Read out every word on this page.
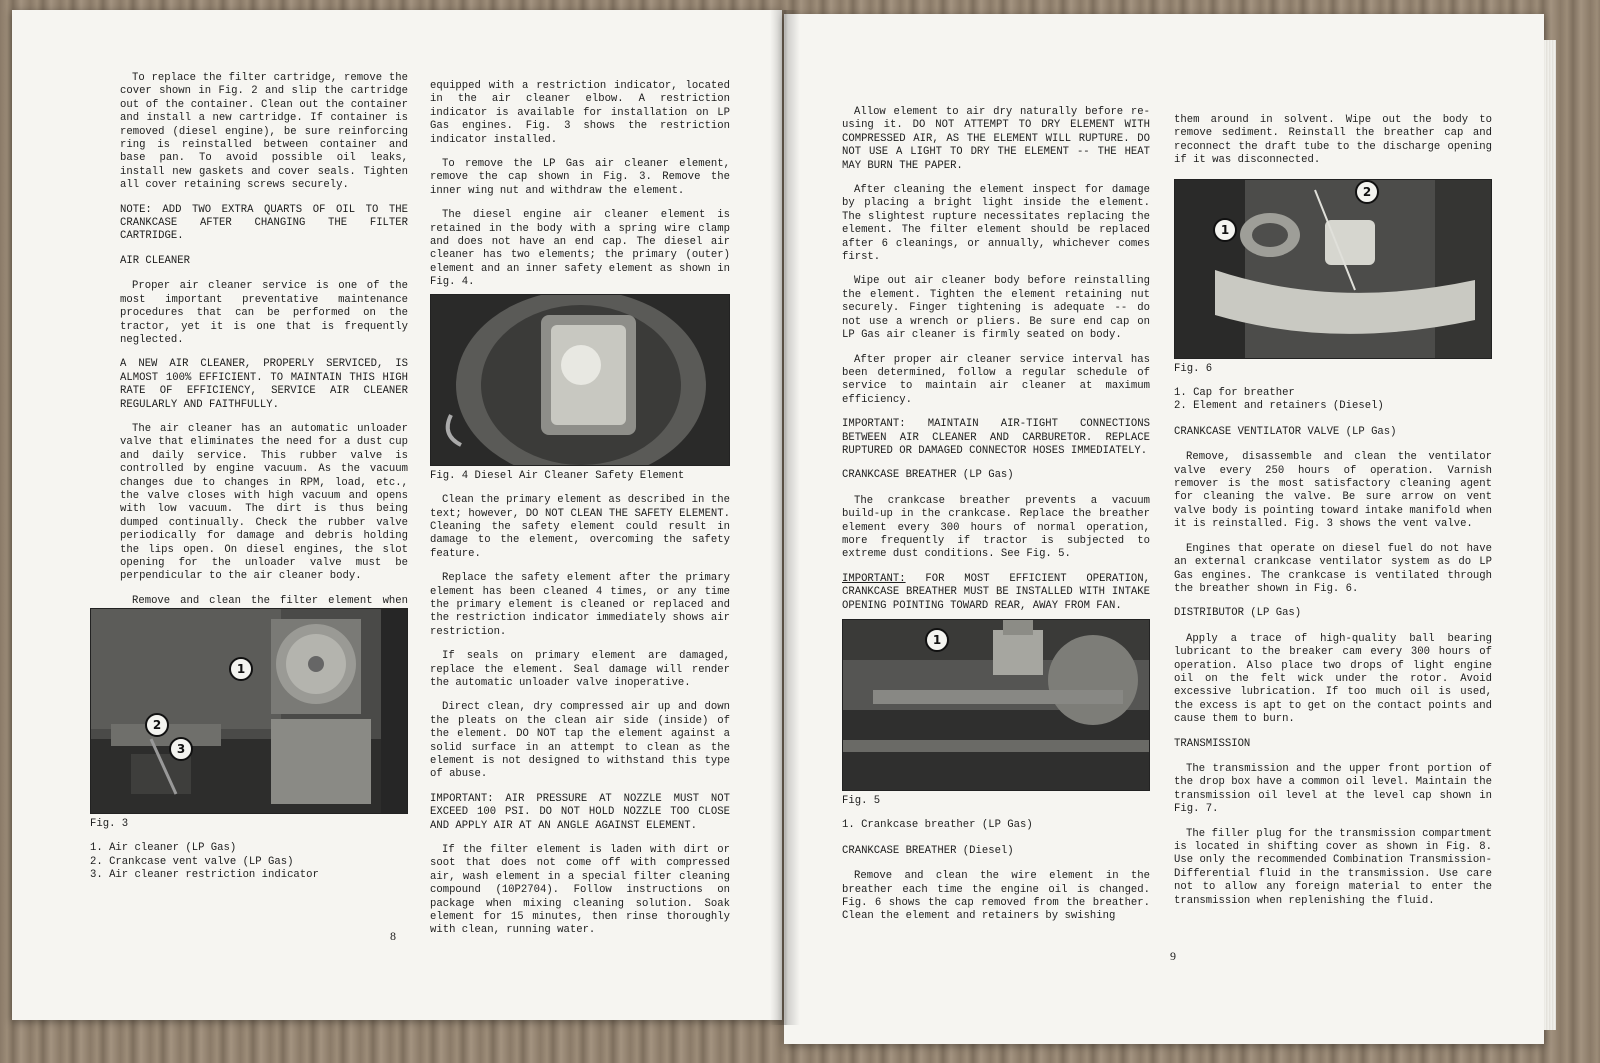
To replace the filter cartridge, remove the cover shown in Fig. 2 and slip the cartridge out of the container. Clean out the container and install a new cartridge. If container is removed (diesel engine), be sure reinforcing ring is reinstalled between container and base pan. To avoid possible oil leaks, install new gaskets and cover seals. Tighten all cover retaining screws securely.

NOTE: ADD TWO EXTRA QUARTS OF OIL TO THE CRANKCASE AFTER CHANGING THE FILTER CARTRIDGE.

AIR CLEANER

Proper air cleaner service is one of the most important preventative maintenance procedures that can be performed on the tractor, yet it is one that is frequently neglected.

A NEW AIR CLEANER, PROPERLY SERVICED, IS ALMOST 100% EFFICIENT. TO MAINTAIN THIS HIGH RATE OF EFFICIENCY, SERVICE AIR CLEANER REGULARLY AND FAITHFULLY.

The air cleaner has an automatic unloader valve that eliminates the need for a dust cup and daily service. This rubber valve is controlled by engine vacuum. As the vacuum changes due to changes in RPM, load, etc., the valve closes with high vacuum and opens with low vacuum. The dirt is thus being dumped continually. Check the rubber valve periodically for damage and debris holding the lips open. On diesel engines, the slot opening for the unloader valve must be perpendicular to the air cleaner body.

Remove and clean the filter element when

1
2
3

Fig. 3

1. Air cleaner (LP Gas)
2. Crankcase vent valve (LP Gas)
3. Air cleaner restriction indicator

equipped with a restriction indicator, located in the air cleaner elbow. A restriction indicator is available for installation on LP Gas engines. Fig. 3 shows the restriction indicator installed.

To remove the LP Gas air cleaner element, remove the cap shown in Fig. 3. Remove the inner wing nut and withdraw the element.

The diesel engine air cleaner element is retained in the body with a spring wire clamp and does not have an end cap. The diesel air cleaner has two elements; the primary (outer) element and an inner safety element as shown in Fig. 4.

Fig. 4 Diesel Air Cleaner Safety Element

Clean the primary element as described in the text; however, DO NOT CLEAN THE SAFETY ELEMENT. Cleaning the safety element could result in damage to the element, overcoming the safety feature.

Replace the safety element after the primary element has been cleaned 4 times, or any time the primary element is cleaned or replaced and the restriction indicator immediately shows air restriction.

If seals on primary element are damaged, replace the element. Seal damage will render the automatic unloader valve inoperative.

Direct clean, dry compressed air up and down the pleats on the clean air side (inside) of the element. DO NOT tap the element against a solid surface in an attempt to clean as the element is not designed to withstand this type of abuse.

IMPORTANT: AIR PRESSURE AT NOZZLE MUST NOT EXCEED 100 PSI. DO NOT HOLD NOZZLE TOO CLOSE AND APPLY AIR AT AN ANGLE AGAINST ELEMENT.

If the filter element is laden with dirt or soot that does not come off with compressed air, wash element in a special filter cleaning compound (10P2704). Follow instructions on package when mixing cleaning solution. Soak element for 15 minutes, then rinse thoroughly with clean, running water.

8

Allow element to air dry naturally before re-using it. DO NOT ATTEMPT TO DRY ELEMENT WITH COMPRESSED AIR, AS THE ELEMENT WILL RUPTURE. DO NOT USE A LIGHT TO DRY THE ELEMENT -- THE HEAT MAY BURN THE PAPER.

After cleaning the element inspect for damage by placing a bright light inside the element. The slightest rupture necessitates replacing the element. The filter element should be replaced after 6 cleanings, or annually, whichever comes first.

Wipe out air cleaner body before reinstalling the element. Tighten the element retaining nut securely. Finger tightening is adequate -- do not use a wrench or pliers. Be sure end cap on LP Gas air cleaner is firmly seated on body.

After proper air cleaner service interval has been determined, follow a regular schedule of service to maintain air cleaner at maximum efficiency.

IMPORTANT: MAINTAIN AIR-TIGHT CONNECTIONS BETWEEN AIR CLEANER AND CARBURETOR. REPLACE RUPTURED OR DAMAGED CONNECTOR HOSES IMMEDIATELY.

CRANKCASE BREATHER (LP Gas)

The crankcase breather prevents a vacuum build-up in the crankcase. Replace the breather element every 300 hours of normal operation, more frequently if tractor is subjected to extreme dust conditions. See Fig. 5.

IMPORTANT: FOR MOST EFFICIENT OPERATION, CRANKCASE BREATHER MUST BE INSTALLED WITH INTAKE OPENING POINTING TOWARD REAR, AWAY FROM FAN.

1

Fig. 5

1. Crankcase breather (LP Gas)

CRANKCASE BREATHER (Diesel)

Remove and clean the wire element in the breather each time the engine oil is changed. Fig. 6 shows the cap removed from the breather. Clean the element and retainers by swishing

them around in solvent. Wipe out the body to remove sediment. Reinstall the breather cap and reconnect the draft tube to the discharge opening if it was disconnected.

1
2

Fig. 6

1. Cap for breather
2. Element and retainers (Diesel)

CRANKCASE VENTILATOR VALVE (LP Gas)

Remove, disassemble and clean the ventilator valve every 250 hours of operation. Varnish remover is the most satisfactory cleaning agent for cleaning the valve. Be sure arrow on vent valve body is pointing toward intake manifold when it is reinstalled. Fig. 3 shows the vent valve.

Engines that operate on diesel fuel do not have an external crankcase ventilator system as do LP Gas engines. The crankcase is ventilated through the breather shown in Fig. 6.

DISTRIBUTOR (LP Gas)

Apply a trace of high-quality ball bearing lubricant to the breaker cam every 300 hours of operation. Also place two drops of light engine oil on the felt wick under the rotor. Avoid excessive lubrication. If too much oil is used, the excess is apt to get on the contact points and cause them to burn.

TRANSMISSION

The transmission and the upper front portion of the drop box have a common oil level. Maintain the transmission oil level at the level cap shown in Fig. 7.

The filler plug for the transmission compartment is located in shifting cover as shown in Fig. 8. Use only the recommended Combination Transmission-Differential fluid in the transmission. Use care not to allow any foreign material to enter the transmission when replenishing the fluid.

9
